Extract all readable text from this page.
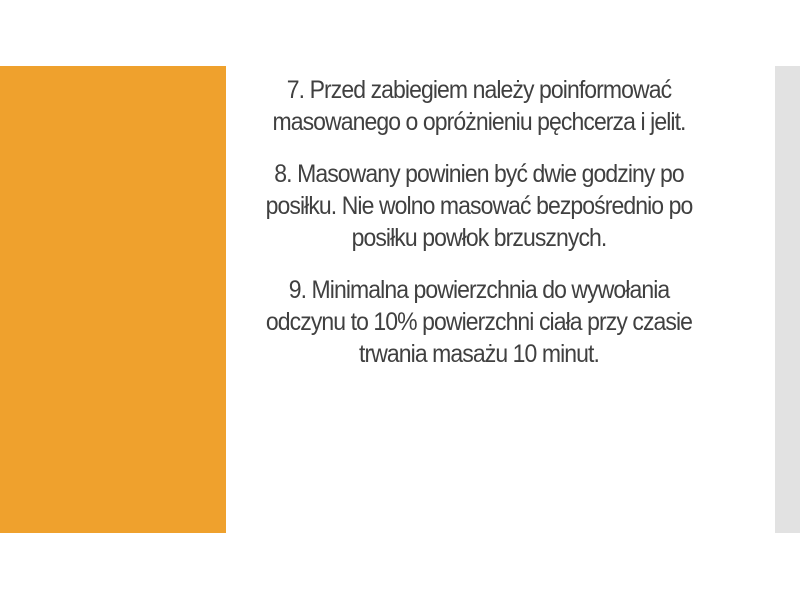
7. Przed zabiegiem należy poinformować masowanego o opróżnieniu pęchcerza i jelit.

8. Masowany powinien być dwie godziny po posiłku. Nie wolno masować bezpośrednio po posiłku powłok brzusznych.

9. Minimalna powierzchnia do wywołania odczynu to 10% powierzchni ciała przy czasie trwania masażu 10 minut.
